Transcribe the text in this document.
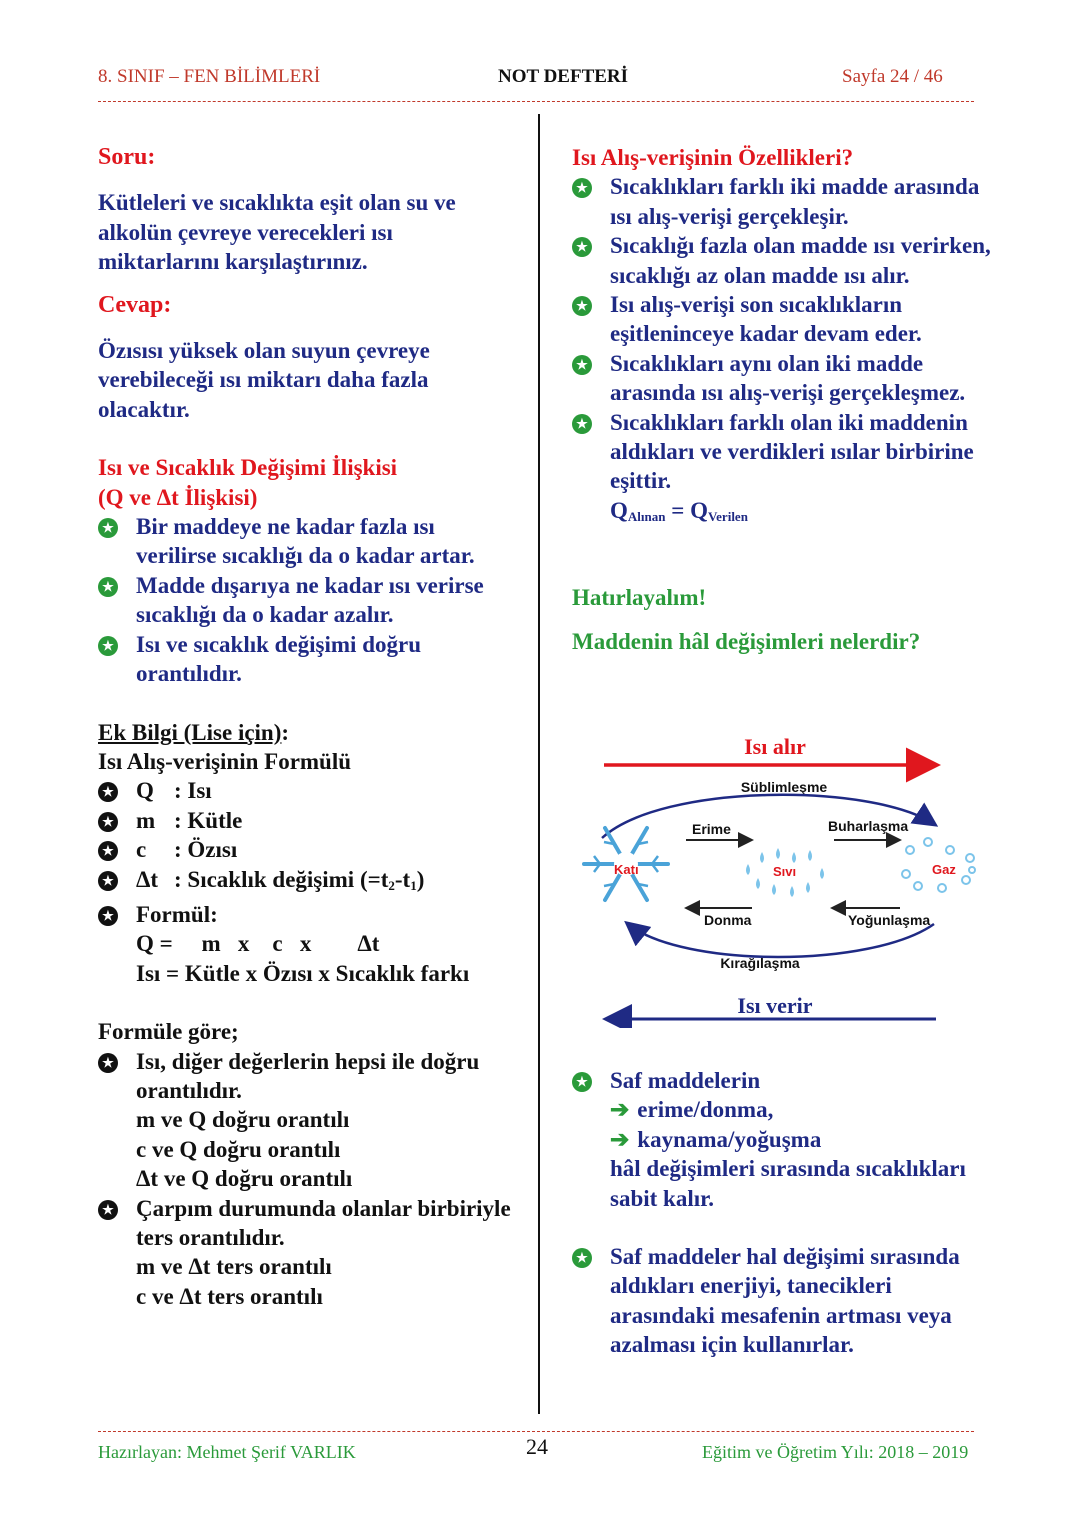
8. SINIF – FEN BİLİMLERİ	NOT DEFTERİ	Sayfa 24 / 46

Soru:

Kütleleri ve sıcaklıkta eşit olan su ve alkolün çevreye verecekleri ısı miktarlarını karşılaştırınız.

Cevap:

Özısısı yüksek olan suyun çevreye verebileceği ısı miktarı daha fazla olacaktır.

Isı ve Sıcaklık Değişimi İlişkisi

(Q ve Δt İlişkisi)

★ Bir maddeye ne kadar fazla ısı verilirse sıcaklığı da o kadar artar.
★ Madde dışarıya ne kadar ısı verirse sıcaklığı da o kadar azalır.
★ Isı ve sıcaklık değişimi doğru orantılıdır.

Ek Bilgi (Lise için):

Isı Alış-verişinin Formülü

★ Q : Isı
★ m : Kütle
★ c : Özısı
★ Δt : Sıcaklık değişimi $(=t_2-t_1)$
★ Formül:

Q =     m   x    c   x        Δt

Isı = Kütle x Özısı x Sıcaklık farkı

Formüle göre;

★ Isı, diğer değerlerin hepsi ile doğru orantılıdır.

m ve Q doğru orantılı

c ve Q doğru orantılı

Δt ve Q doğru orantılı

★ Çarpım durumunda olanlar birbiriyle ters orantılıdır.

m ve Δt ters orantılı

c ve Δt ters orantılı

Isı Alış-verişinin Özellikleri?

★ Sıcaklıkları farklı iki madde arasında ısı alış-verişi gerçekleşir.
★ Sıcaklığı fazla olan madde ısı verirken, sıcaklığı az olan madde ısı alır.
★ Isı alış-verişi son sıcaklıkların eşitleninceye kadar devam eder.
★ Sıcaklıkları aynı olan iki madde arasında ısı alış-verişi gerçekleşmez.
★ Sıcaklıkları farklı olan iki maddenin aldıkları ve verdikleri ısılar birbirine eşittir.

$Q_{Alınan} = Q_{Verilen}$

Hatırlayalım!

Maddenin hâl değişimleri nelerdir?

Isı alır
Süblimleşme
Erime	Buharlaşma
Katı	Sıvı	Gaz
Donma	Yoğunlaşma
Kırağılaşma
Isı verir
★ Saf maddelerin

➔ erime/donma,

➔ kaynama/yoğuşma

hâl değişimleri sırasında sıcaklıkları sabit kalır.

★ Saf maddeler hal değişimi sırasında aldıkları enerjiyi, tanecikleri arasındaki mesafenin artması veya azalması için kullanırlar.
Hazırlayan: Mehmet Şerif VARLIK	24	Eğitim ve Öğretim Yılı: 2018 – 2019
